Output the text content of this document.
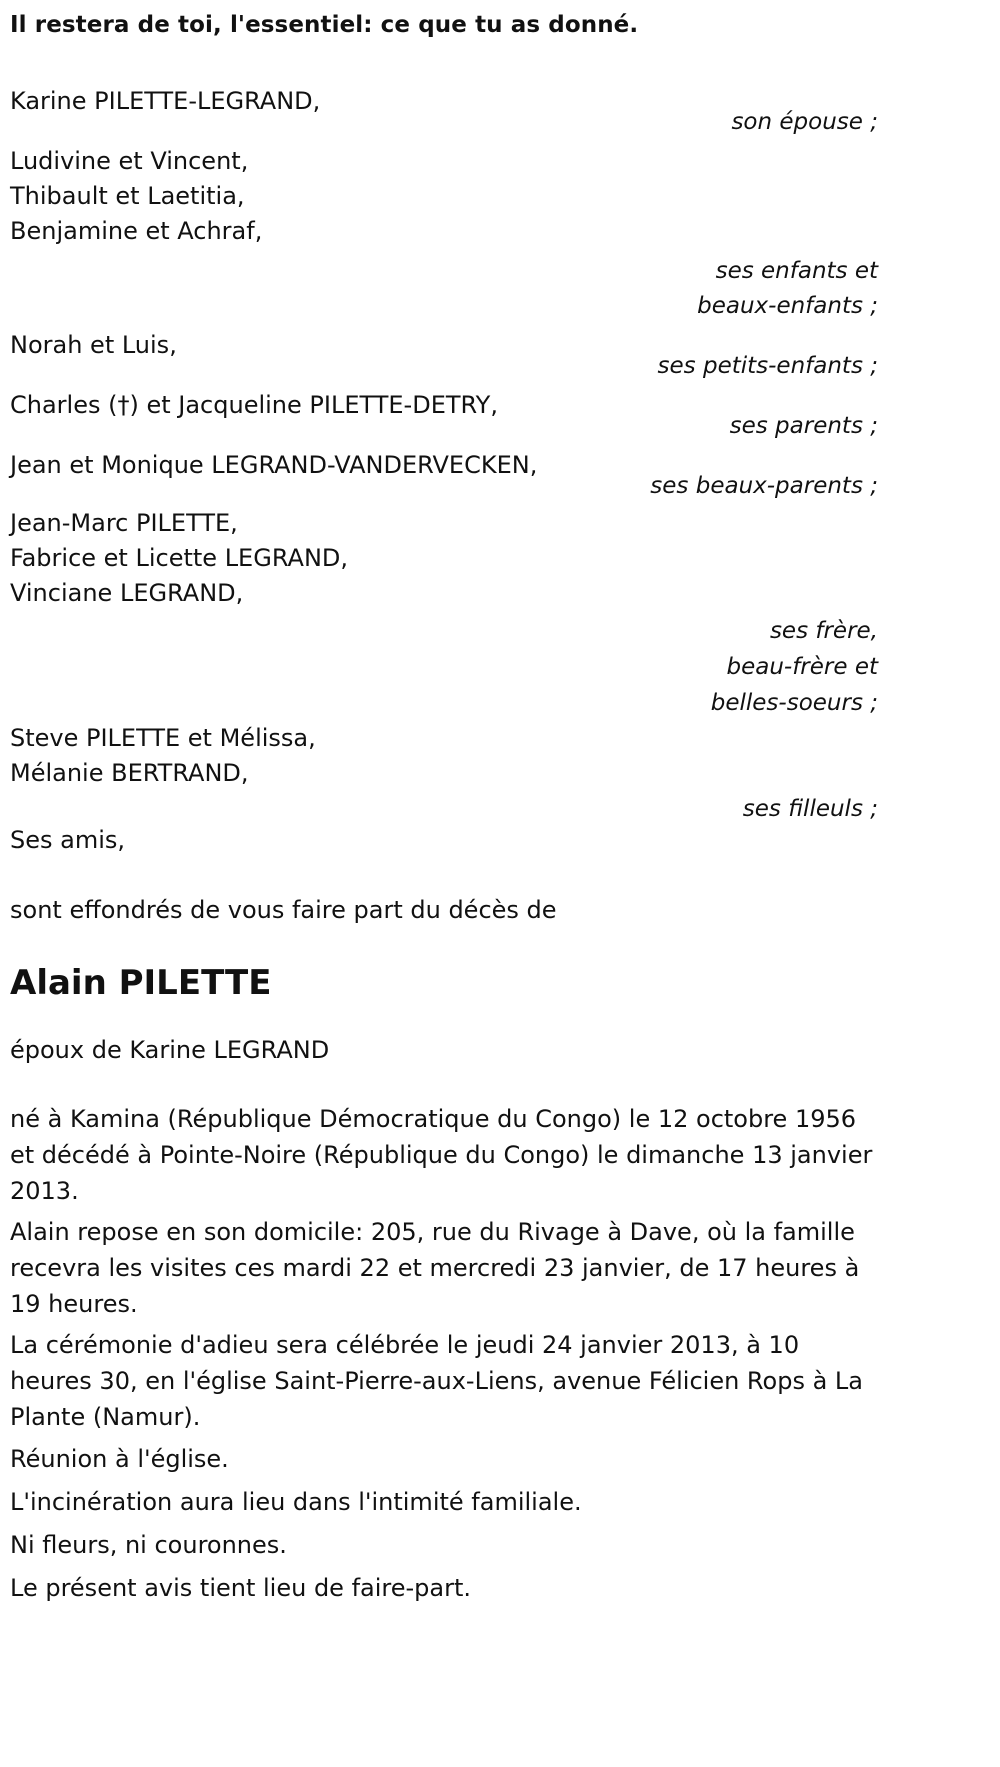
Il restera de toi, l'essentiel: ce que tu as donné.
Karine PILETTE-LEGRAND,
son épouse ;
Ludivine et Vincent,
Thibault et Laetitia,
Benjamine et Achraf,
ses enfants et
beaux-enfants ;
Norah et Luis,
ses petits-enfants ;
Charles (†) et Jacqueline PILETTE-DETRY,
ses parents ;
Jean et Monique LEGRAND-VANDERVECKEN,
ses beaux-parents ;
Jean-Marc PILETTE,
Fabrice et Licette LEGRAND,
Vinciane LEGRAND,
ses frère,
beau-frère et
belles-soeurs ;
Steve PILETTE et Mélissa,
Mélanie BERTRAND,
ses filleuls ;
Ses amis,
sont effondrés de vous faire part du décès de
Alain PILETTE
époux de Karine LEGRAND
né à Kamina (République Démocratique du Congo) le 12 octobre 1956 et décédé à Pointe-Noire (République du Congo) le dimanche 13 janvier 2013.
Alain repose en son domicile: 205, rue du Rivage à Dave, où la famille recevra les visites ces mardi 22 et mercredi 23 janvier, de 17 heures à 19 heures.
La cérémonie d'adieu sera célébrée le jeudi 24 janvier 2013, à 10 heures 30, en l'église Saint-Pierre-aux-Liens, avenue Félicien Rops à La Plante (Namur).
Réunion à l'église.
L'incinération aura lieu dans l'intimité familiale.
Ni fleurs, ni couronnes.
Le présent avis tient lieu de faire-part.
